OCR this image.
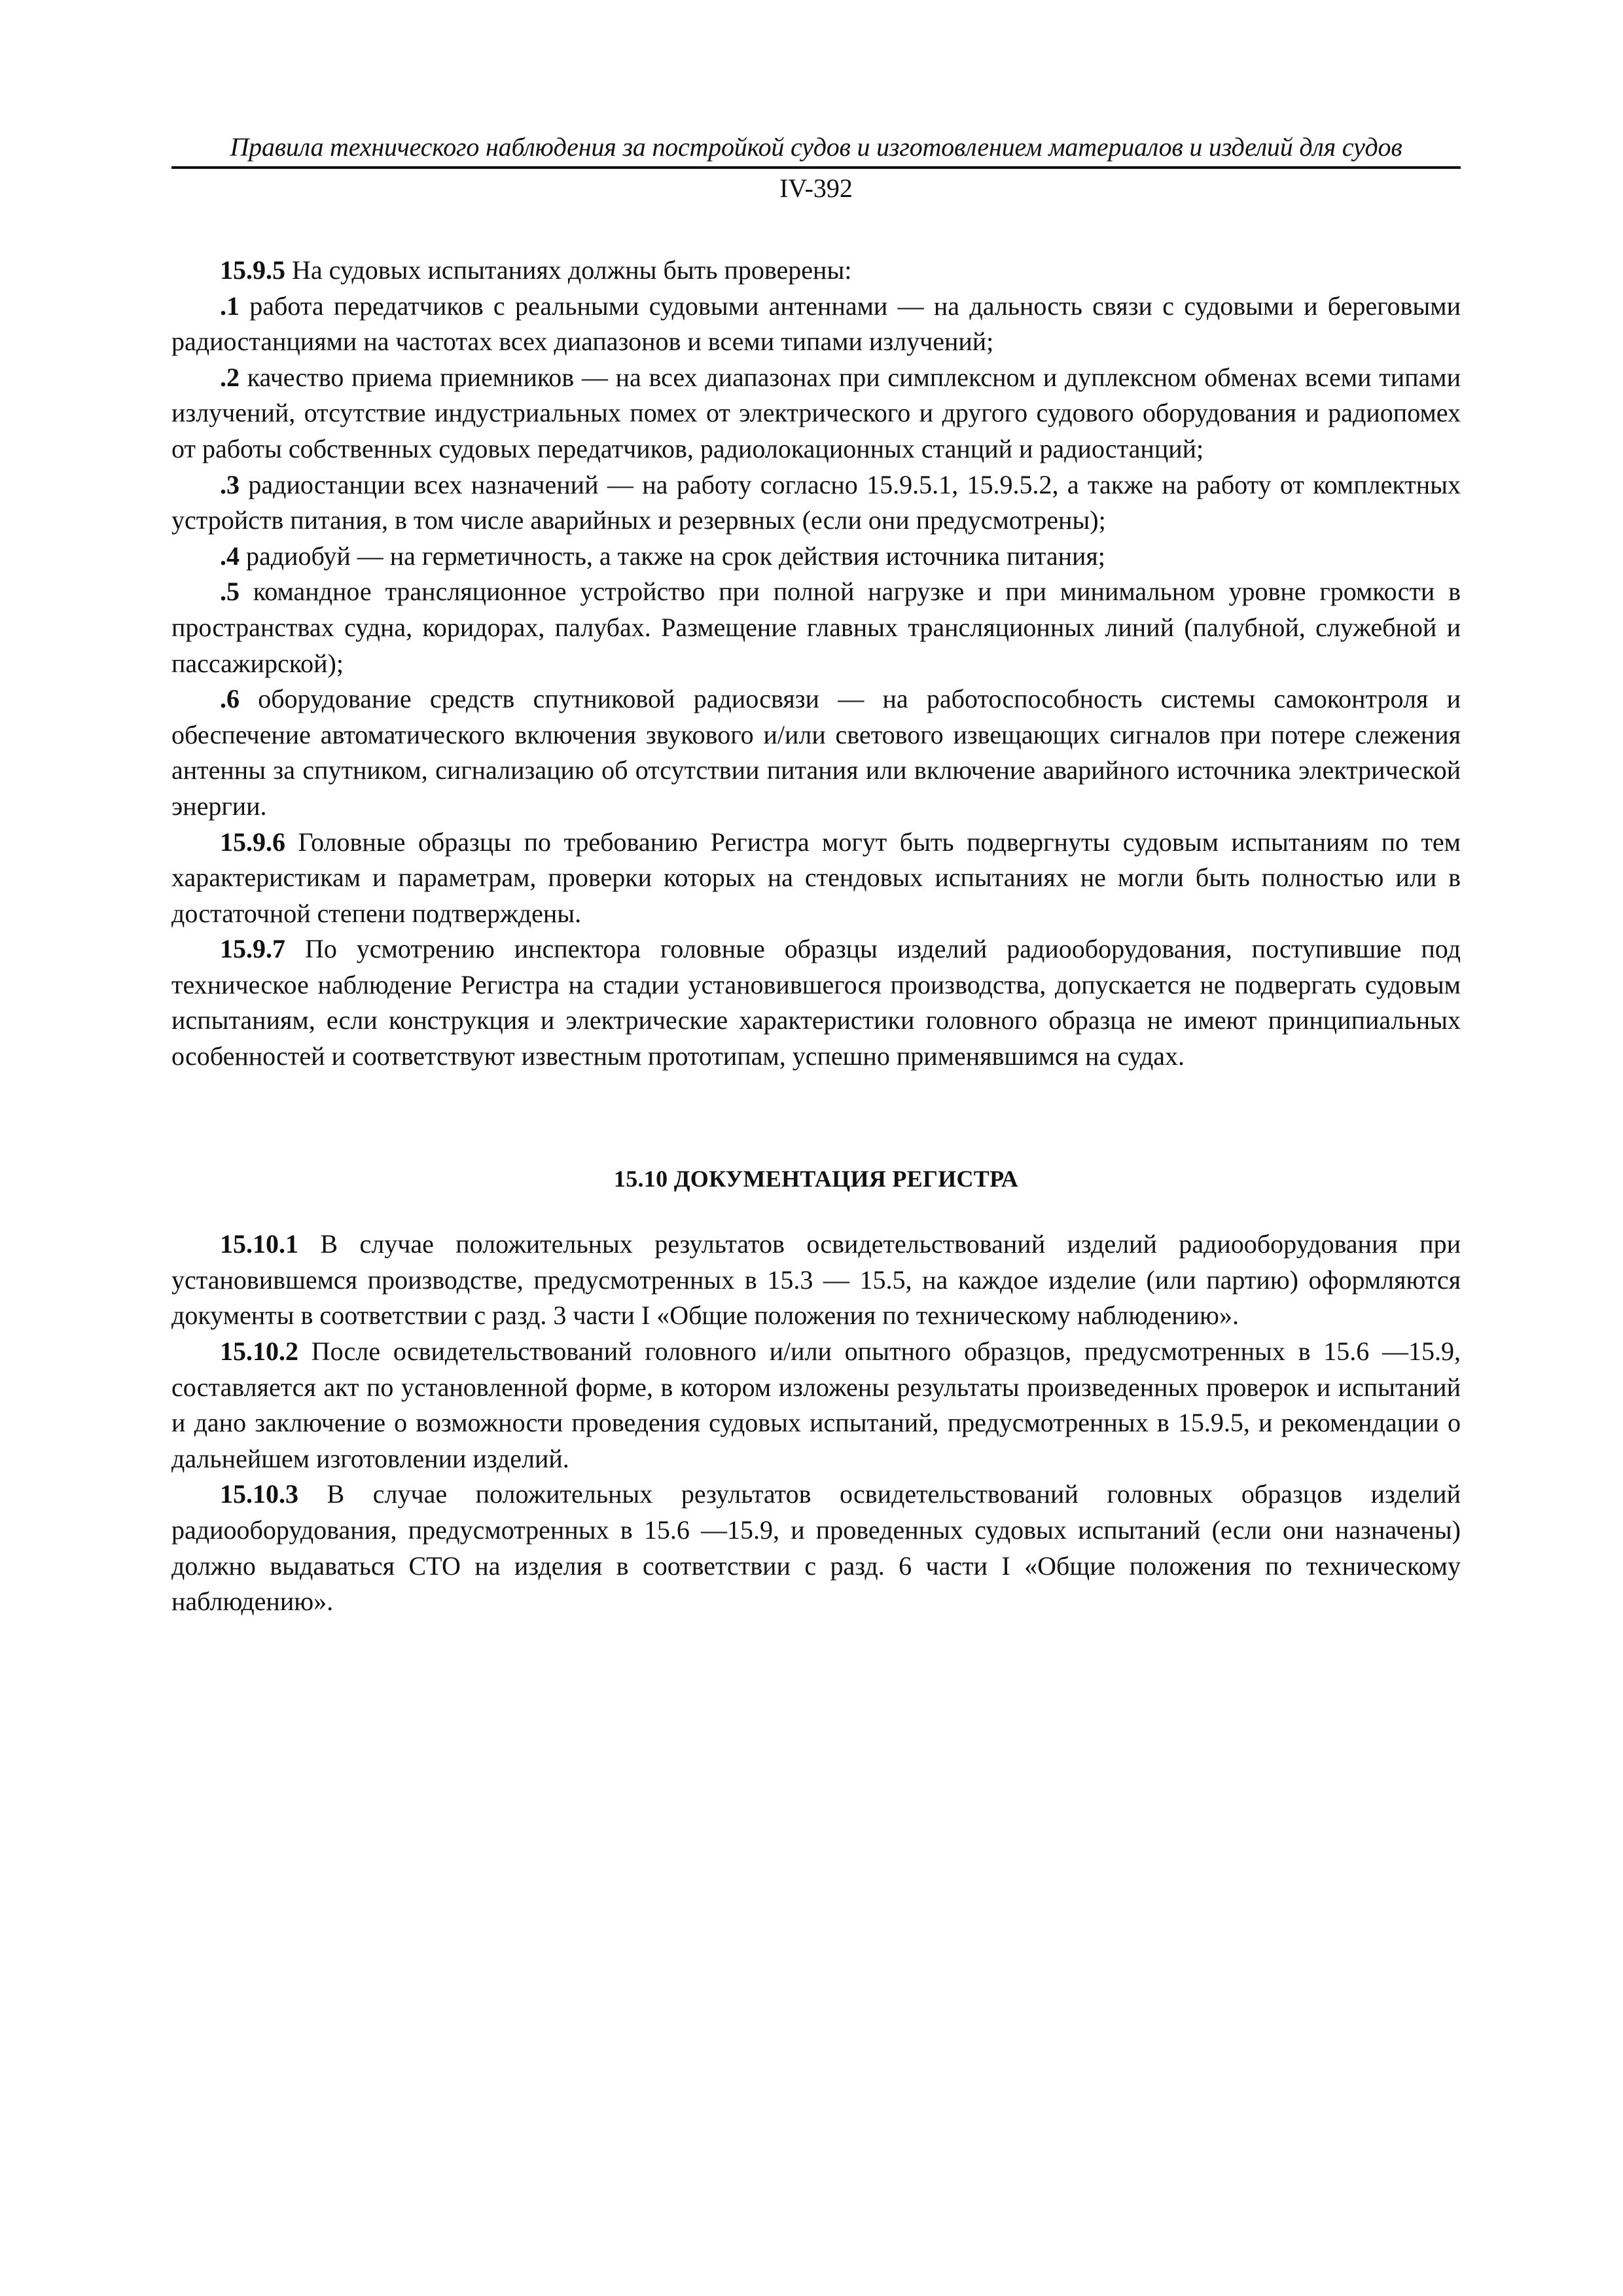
Правила технического наблюдения за постройкой судов и изготовлением материалов и изделий для судов
IV-392

15.9.5 На судовых испытаниях должны быть проверены:

.1 работа передатчиков с реальными судовыми антеннами — на дальность связи с судовыми и береговыми радиостанциями на частотах всех диапазонов и всеми типами излучений;

.2 качество приема приемников — на всех диапазонах при симплексном и дуплексном обменах всеми типами излучений, отсутствие индустриальных помех от электрического и другого судового оборудования и радиопомех от работы собственных судовых передатчиков, радиолокационных станций и радиостанций;

.3 радиостанции всех назначений — на работу согласно 15.9.5.1, 15.9.5.2, а также на работу от комплектных устройств питания, в том числе аварийных и резервных (если они предусмотрены);

.4 радиобуй — на герметичность, а также на срок действия источника питания;

.5 командное трансляционное устройство при полной нагрузке и при минимальном уровне громкости в пространствах судна, коридорах, палубах. Размещение главных трансляционных линий (палубной, служебной и пассажирской);

.6 оборудование средств спутниковой радиосвязи — на работоспособность системы самоконтроля и обеспечение автоматического включения звукового и/или светового извещающих сигналов при потере слежения антенны за спутником, сигнализацию об отсутствии питания или включение аварийного источника электрической энергии.

15.9.6 Головные образцы по требованию Регистра могут быть подвергнуты судовым испытаниям по тем характеристикам и параметрам, проверки которых на стендовых испытаниях не могли быть полностью или в достаточной степени подтверждены.

15.9.7 По усмотрению инспектора головные образцы изделий радиооборудования, поступившие под техническое наблюдение Регистра на стадии установившегося производства, допускается не подвергать судовым испытаниям, если конструкция и электрические характеристики головного образца не имеют принципиальных особенностей и соответствуют известным прототипам, успешно применявшимся на судах.

15.10 ДОКУМЕНТАЦИЯ РЕГИСТРА

15.10.1 В случае положительных результатов освидетельствований изделий радиооборудования при установившемся производстве, предусмотренных в 15.3 — 15.5, на каждое изделие (или партию) оформляются документы в соответствии с разд. 3 части I «Общие положения по техническому наблюдению».

15.10.2 После освидетельствований головного и/или опытного образцов, предусмотренных в 15.6 —15.9, составляется акт по установленной форме, в котором изложены результаты произведенных проверок и испытаний и дано заключение о возможности проведения судовых испытаний, предусмотренных в 15.9.5, и рекомендации о дальнейшем изготовлении изделий.

15.10.3 В случае положительных результатов освидетельствований головных образцов изделий радиооборудования, предусмотренных в 15.6 —15.9, и проведенных судовых испытаний (если они назначены) должно выдаваться СТО на изделия в соответствии с разд. 6 части I «Общие положения по техническому наблюдению».
